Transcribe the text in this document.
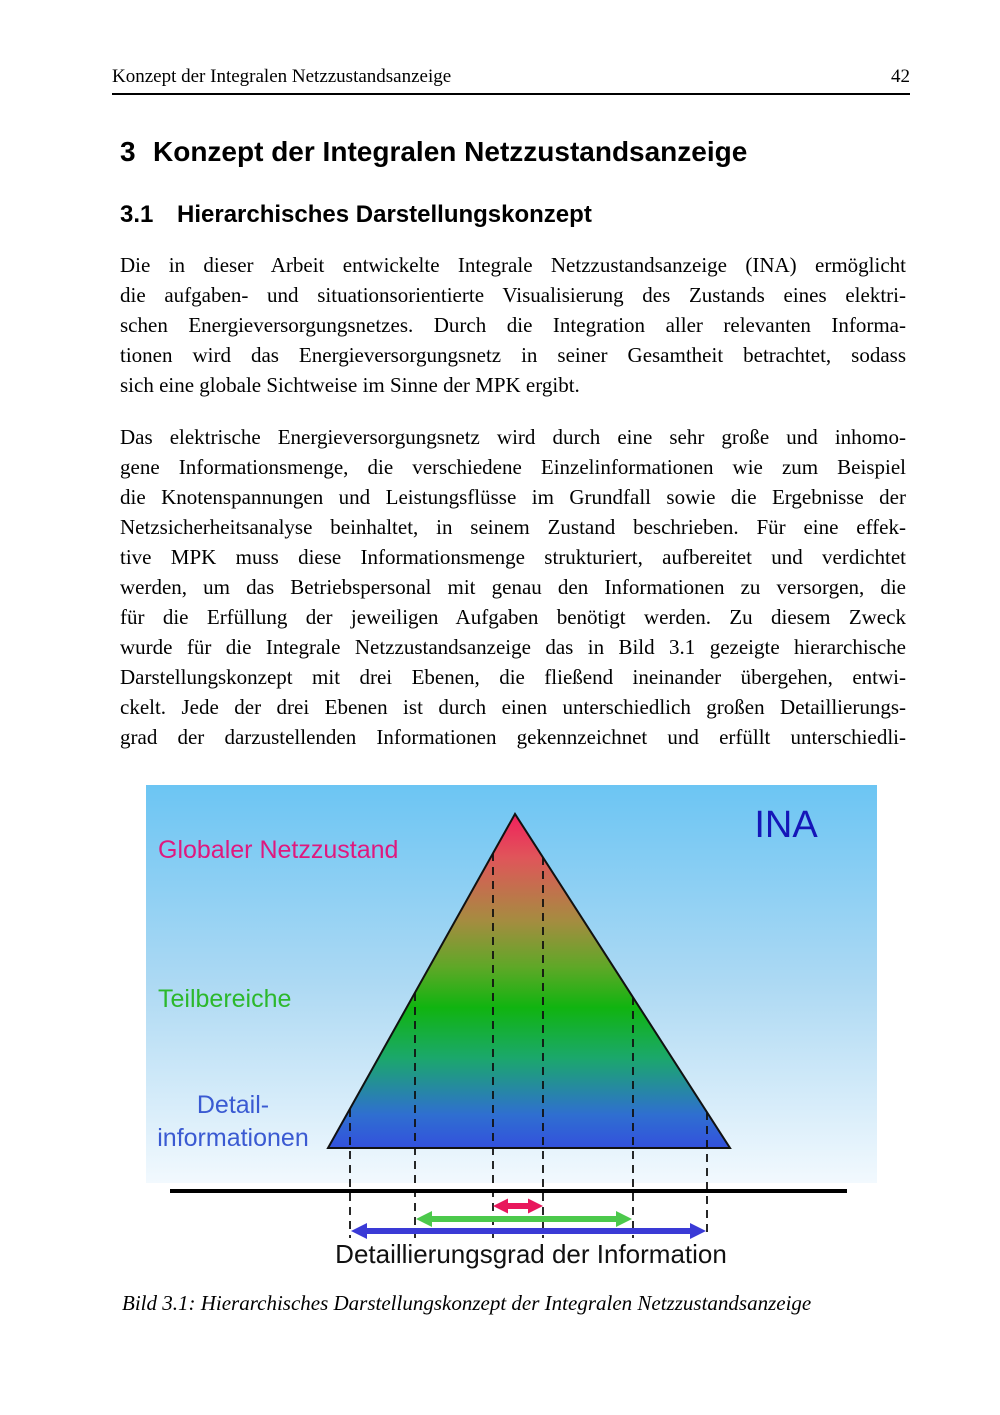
Konzept der Integralen Netzzustandsanzeige	42
3 Konzept der Integralen Netzzustandsanzeige
3.1 Hierarchisches Darstellungskonzept
Die in dieser Arbeit entwickelte Integrale Netzzustandsanzeige (INA) ermöglicht
die aufgaben- und situationsorientierte Visualisierung des Zustands eines elektri-
schen Energieversorgungsnetzes. Durch die Integration aller relevanten Informa-
tionen wird das Energieversorgungsnetz in seiner Gesamtheit betrachtet, sodass
sich eine globale Sichtweise im Sinne der MPK ergibt.
Das elektrische Energieversorgungsnetz wird durch eine sehr große und inhomo-
gene Informationsmenge, die verschiedene Einzelinformationen wie zum Beispiel
die Knotenspannungen und Leistungsflüsse im Grundfall sowie die Ergebnisse der
Netzsicherheitsanalyse beinhaltet, in seinem Zustand beschrieben. Für eine effek-
tive MPK muss diese Informationsmenge strukturiert, aufbereitet und verdichtet
werden, um das Betriebspersonal mit genau den Informationen zu versorgen, die
für die Erfüllung der jeweiligen Aufgaben benötigt werden. Zu diesem Zweck
wurde für die Integrale Netzzustandsanzeige das in Bild 3.1 gezeigte hierarchische
Darstellungskonzept mit drei Ebenen, die fließend ineinander übergehen, entwi-
ckelt. Jede der drei Ebenen ist durch einen unterschiedlich großen Detaillierungs-
grad der darzustellenden Informationen gekennzeichnet und erfüllt unterschiedli-
INA
Globaler Netzzustand
Teilbereiche
Detail-
informationen
Detaillierungsgrad der Information
Bild 3.1: Hierarchisches Darstellungskonzept der Integralen Netzzustandsanzeige
